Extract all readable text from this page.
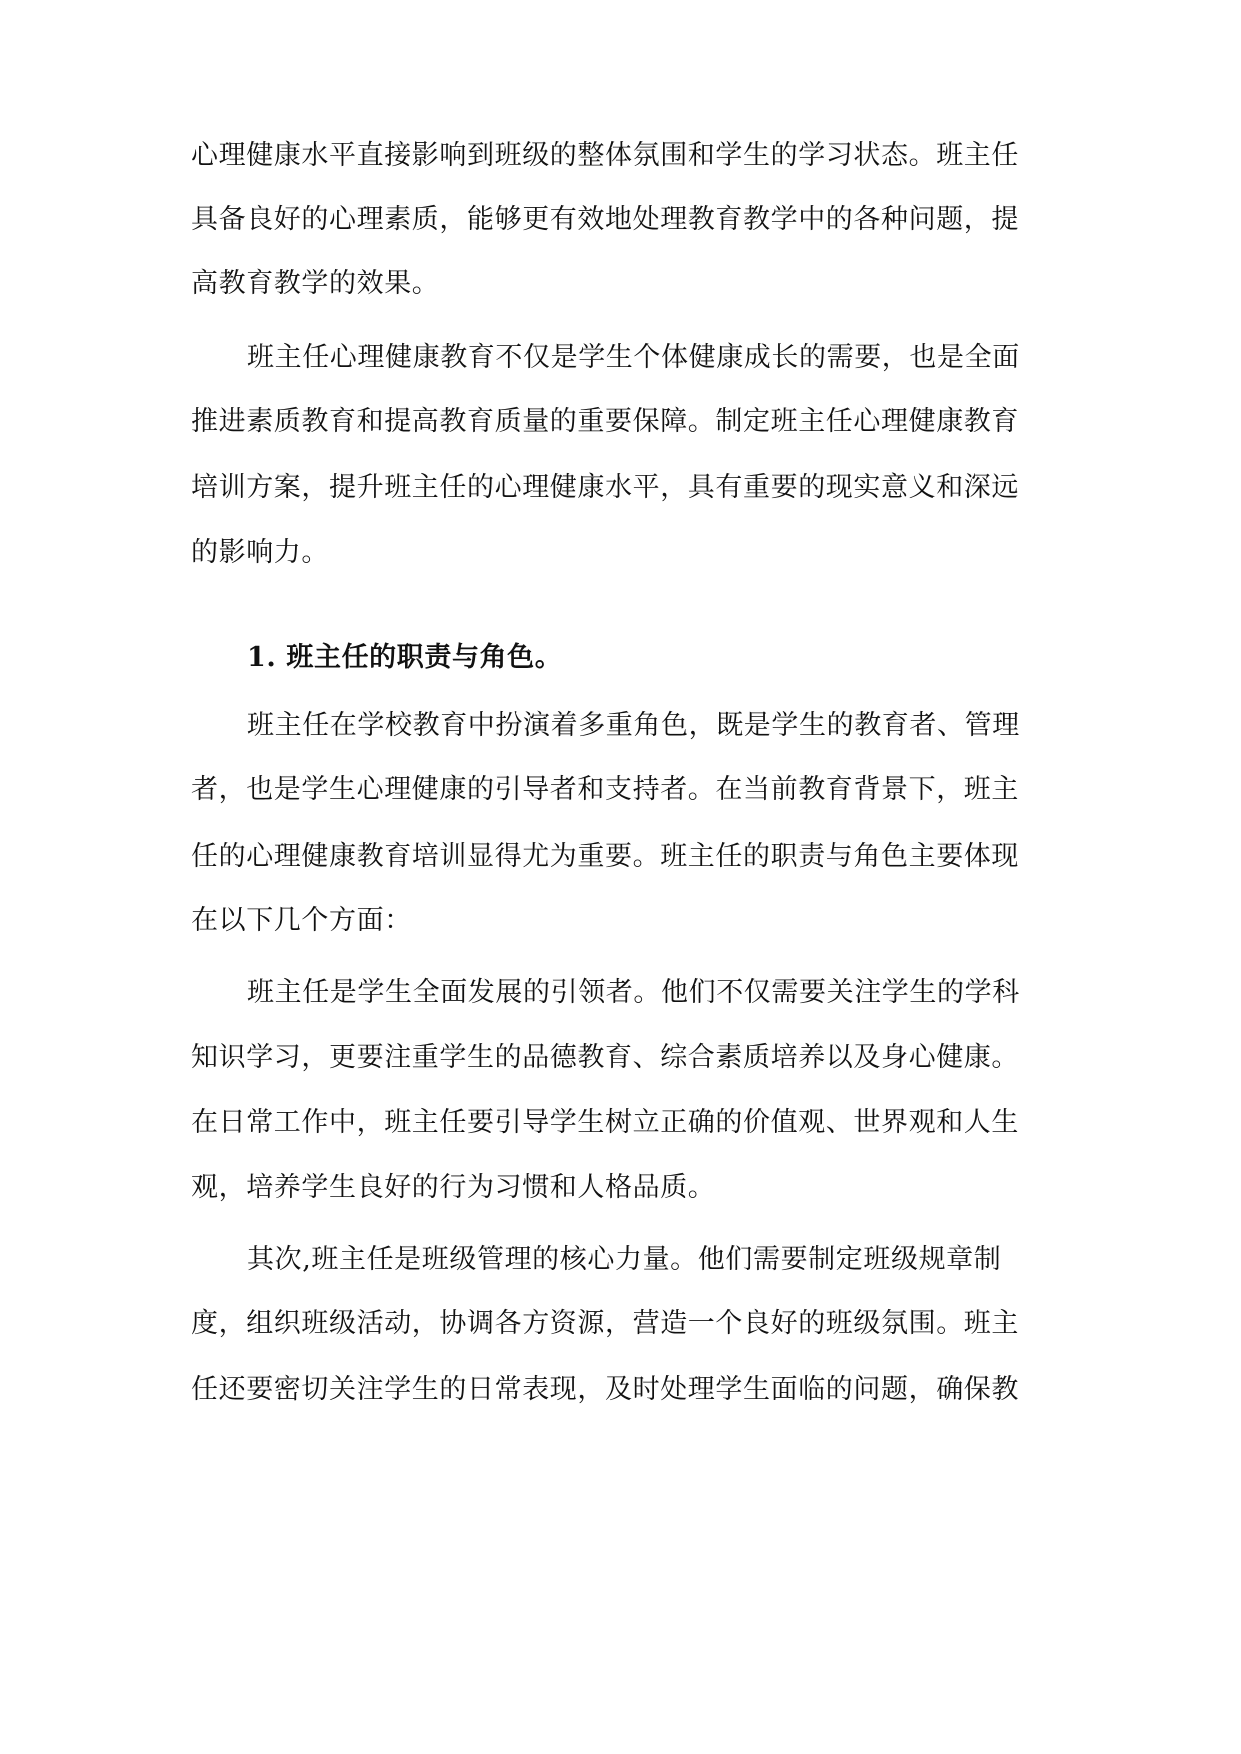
心理健康水平直接影响到班级的整体氛围和学生的学习状态。班主任
具备良好的心理素质，能够更有效地处理教育教学中的各种问题，提
高教育教学的效果。
班主任心理健康教育不仅是学生个体健康成长的需要，也是全面
推进素质教育和提高教育质量的重要保障。制定班主任心理健康教育
培训方案，提升班主任的心理健康水平，具有重要的现实意义和深远
的影响力。
1. 班主任的职责与角色。
班主任在学校教育中扮演着多重角色，既是学生的教育者、管理
者，也是学生心理健康的引导者和支持者。在当前教育背景下，班主
任的心理健康教育培训显得尤为重要。班主任的职责与角色主要体现
在以下几个方面：
班主任是学生全面发展的引领者。他们不仅需要关注学生的学科
知识学习，更要注重学生的品德教育、综合素质培养以及身心健康。
在日常工作中，班主任要引导学生树立正确的价值观、世界观和人生
观，培养学生良好的行为习惯和人格品质。
其次,班主任是班级管理的核心力量。他们需要制定班级规章制
度，组织班级活动，协调各方资源，营造一个良好的班级氛围。班主
任还要密切关注学生的日常表现，及时处理学生面临的问题，确保教
